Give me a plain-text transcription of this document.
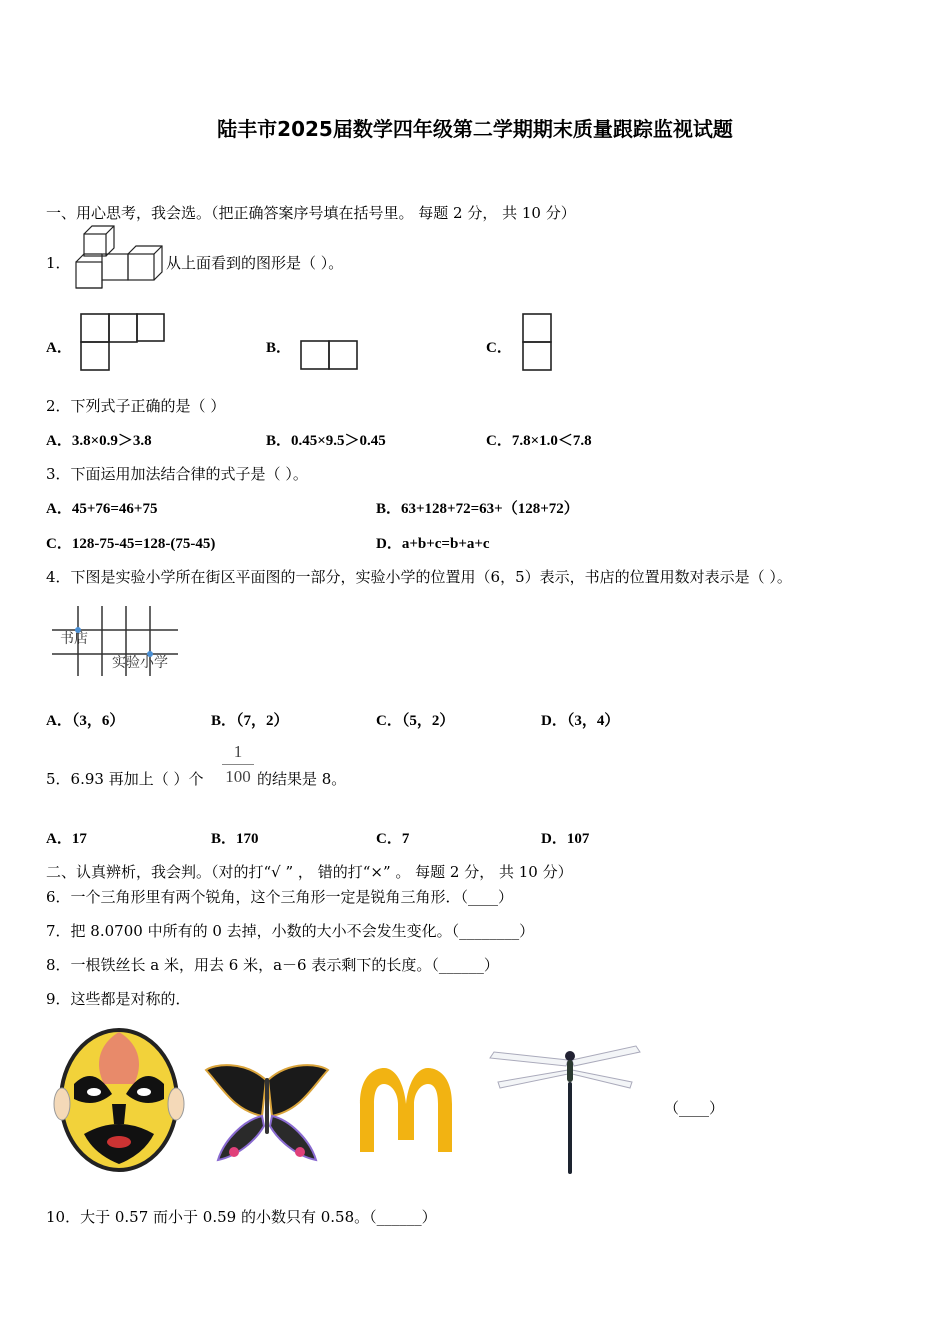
陆丰市2025届数学四年级第二学期期末质量跟踪监视试题
一、用心思考，我会选。（把正确答案序号填在括号里。 每题 2 分， 共 10 分）
1．	从上面看到的图形是（ ）。
A．	B．	C．
2．下列式子正确的是（ ）
A．3.8×0.9＞3.8	B．0.45×9.5＞0.45	C．7.8×1.0＜7.8
3．下面运用加法结合律的式子是（ ）。
A．45+76=46+75	B．63+128+72=63+（128+72）
C．128-75-45=128-(75-45)	D．a+b+c=b+a+c
4．下图是实验小学所在街区平面图的一部分，实验小学的位置用（6，5）表示，书店的位置用数对表示是（ ）。
书店
实验小学
A．（3，6）	B．（7，2）	C．（5，2）	D．（3，4）
5．6.93 再加上（ ）个
1
100 的结果是 8。
A．17	B．170	C．7	D．107
二、认真辨析，我会判。（对的打“√ ” ， 错的打“×” 。 每题 2 分， 共 10 分）
6．一个三角形里有两个锐角，这个三角形一定是锐角三角形．（____）
7．把 8.0700 中所有的 0 去掉，小数的大小不会发生变化。（________）
8．一根铁丝长 a 米，用去 6 米，a－6 表示剩下的长度。（______）
9．这些都是对称的．
（____）
10．大于 0.57 而小于 0.59 的小数只有 0.58。（______）
